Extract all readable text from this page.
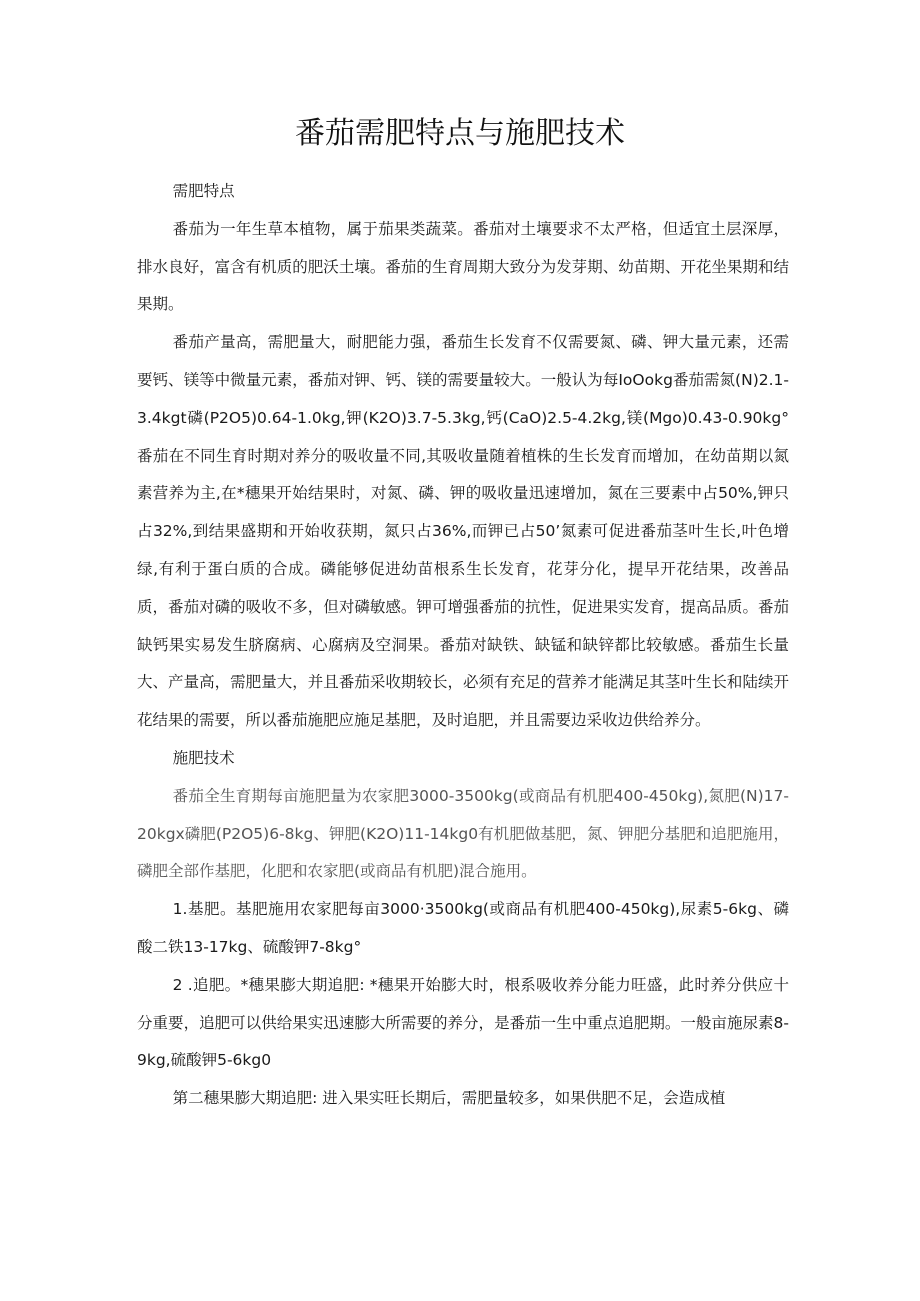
番茄需肥特点与施肥技术

需肥特点

番茄为一年生草本植物，属于茄果类蔬菜。番茄对土壤要求不太严格，但适宜土层深厚，排水良好，富含有机质的肥沃土壤。番茄的生育周期大致分为发芽期、幼苗期、开花坐果期和结果期。

番茄产量高，需肥量大，耐肥能力强，番茄生长发育不仅需要氮、磷、钾大量元素，还需要钙、镁等中微量元素，番茄对钾、钙、镁的需要量较大。一般认为每IoOokg番茄需氮(N)2.1-3.4kgt磷(P2O5)0.64-1.0kg,钾(K2O)3.7-5.3kg,钙(CaO)2.5-4.2kg,镁(Mgo)0.43-0.90kg°番茄在不同生育时期对养分的吸收量不同,其吸收量随着植株的生长发育而增加，在幼苗期以氮素营养为主,在*穗果开始结果时，对氮、磷、钾的吸收量迅速增加，氮在三要素中占50%,钾只占32%,到结果盛期和开始收获期，氮只占36%,而钾已占50’氮素可促进番茄茎叶生长,叶色增绿,有利于蛋白质的合成。磷能够促进幼苗根系生长发育，花芽分化，提早开花结果，改善品质，番茄对磷的吸收不多，但对磷敏感。钾可增强番茄的抗性，促进果实发育，提高品质。番茄缺钙果实易发生脐腐病、心腐病及空洞果。番茄对缺铁、缺锰和缺锌都比较敏感。番茄生长量大、产量高，需肥量大，并且番茄采收期较长，必须有充足的营养才能满足其茎叶生长和陆续开花结果的需要，所以番茄施肥应施足基肥，及时追肥，并且需要边采收边供给养分。

施肥技术

番茄全生育期每亩施肥量为农家肥3000-3500kg(或商品有机肥400-450kg),氮肥(N)17-20kgx磷肥(P2O5)6-8kg、钾肥(K2O)11-14kg0有机肥做基肥，氮、钾肥分基肥和追肥施用，磷肥全部作基肥，化肥和农家肥(或商品有机肥)混合施用。

1.基肥。基肥施用农家肥每亩3000·3500kg(或商品有机肥400-450kg),尿素5-6kg、磷酸二铁13-17kg、硫酸钾7-8kg°

2 .追肥。*穗果膨大期追肥: *穗果开始膨大时，根系吸收养分能力旺盛，此时养分供应十分重要，追肥可以供给果实迅速膨大所需要的养分，是番茄一生中重点追肥期。一般亩施尿素8-9kg,硫酸钾5-6kg0

第二穗果膨大期追肥: 进入果实旺长期后，需肥量较多，如果供肥不足，会造成植
